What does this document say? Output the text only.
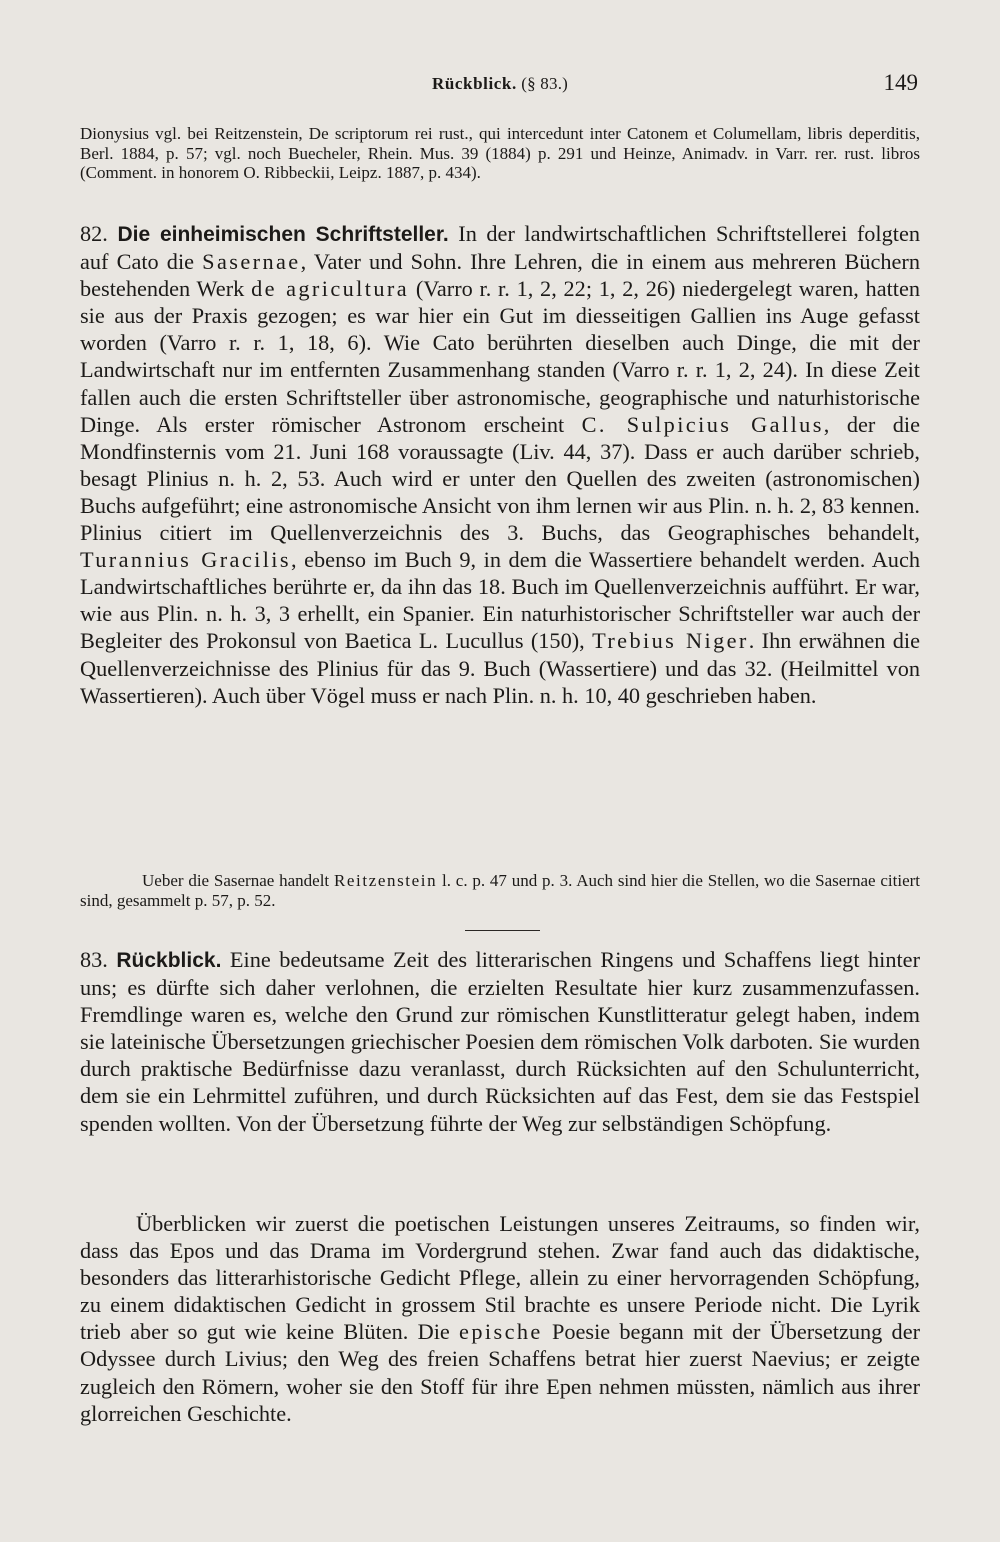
Rückblick. (§ 83.)	149
Dionysius vgl. bei Reitzenstein, De scriptorum rei rust., qui intercedunt inter Catonem et Columellam, libris deperditis, Berl. 1884, p. 57; vgl. noch Buecheler, Rhein. Mus. 39 (1884) p. 291 und Heinze, Animadv. in Varr. rer. rust. libros (Comment. in honorem O. Ribbeckii, Leipz. 1887, p. 434).

82. Die einheimischen Schriftsteller. In der landwirtschaftlichen Schriftstellerei folgten auf Cato die Sasernae, Vater und Sohn. Ihre Lehren, die in einem aus mehreren Büchern bestehenden Werk de agricultura (Varro r. r. 1, 2, 22; 1, 2, 26) niedergelegt waren, hatten sie aus der Praxis gezogen; es war hier ein Gut im diesseitigen Gallien ins Auge gefasst worden (Varro r. r. 1, 18, 6). Wie Cato berührten dieselben auch Dinge, die mit der Landwirtschaft nur im entfernten Zusammenhang standen (Varro r. r. 1, 2, 24). In diese Zeit fallen auch die ersten Schriftsteller über astronomische, geographische und naturhistorische Dinge. Als erster römischer Astronom erscheint C. Sulpicius Gallus, der die Mondfinsternis vom 21. Juni 168 voraussagte (Liv. 44, 37). Dass er auch darüber schrieb, besagt Plinius n. h. 2, 53. Auch wird er unter den Quellen des zweiten (astronomischen) Buchs aufgeführt; eine astronomische Ansicht von ihm lernen wir aus Plin. n. h. 2, 83 kennen. Plinius citiert im Quellenverzeichnis des 3. Buchs, das Geographisches behandelt, Turannius Gracilis, ebenso im Buch 9, in dem die Wassertiere behandelt werden. Auch Landwirtschaftliches berührte er, da ihn das 18. Buch im Quellenverzeichnis aufführt. Er war, wie aus Plin. n. h. 3, 3 erhellt, ein Spanier. Ein naturhistorischer Schriftsteller war auch der Begleiter des Prokonsul von Baetica L. Lucullus (150), Trebius Niger. Ihn erwähnen die Quellenverzeichnisse des Plinius für das 9. Buch (Wassertiere) und das 32. (Heilmittel von Wassertieren). Auch über Vögel muss er nach Plin. n. h. 10, 40 geschrieben haben.

Ueber die Sasernae handelt Reitzenstein l. c. p. 47 und p. 3. Auch sind hier die Stellen, wo die Sasernae citiert sind, gesammelt p. 57, p. 52.

83. Rückblick. Eine bedeutsame Zeit des litterarischen Ringens und Schaffens liegt hinter uns; es dürfte sich daher verlohnen, die erzielten Resultate hier kurz zusammenzufassen. Fremdlinge waren es, welche den Grund zur römischen Kunstlitteratur gelegt haben, indem sie lateinische Übersetzungen griechischer Poesien dem römischen Volk darboten. Sie wurden durch praktische Bedürfnisse dazu veranlasst, durch Rücksichten auf den Schulunterricht, dem sie ein Lehrmittel zuführen, und durch Rücksichten auf das Fest, dem sie das Festspiel spenden wollten. Von der Übersetzung führte der Weg zur selbständigen Schöpfung.

Überblicken wir zuerst die poetischen Leistungen unseres Zeitraums, so finden wir, dass das Epos und das Drama im Vordergrund stehen. Zwar fand auch das didaktische, besonders das litterarhistorische Gedicht Pflege, allein zu einer hervorragenden Schöpfung, zu einem didaktischen Gedicht in grossem Stil brachte es unsere Periode nicht. Die Lyrik trieb aber so gut wie keine Blüten. Die epische Poesie begann mit der Übersetzung der Odyssee durch Livius; den Weg des freien Schaffens betrat hier zuerst Naevius; er zeigte zugleich den Römern, woher sie den Stoff für ihre Epen nehmen müssten, nämlich aus ihrer glorreichen Geschichte.
